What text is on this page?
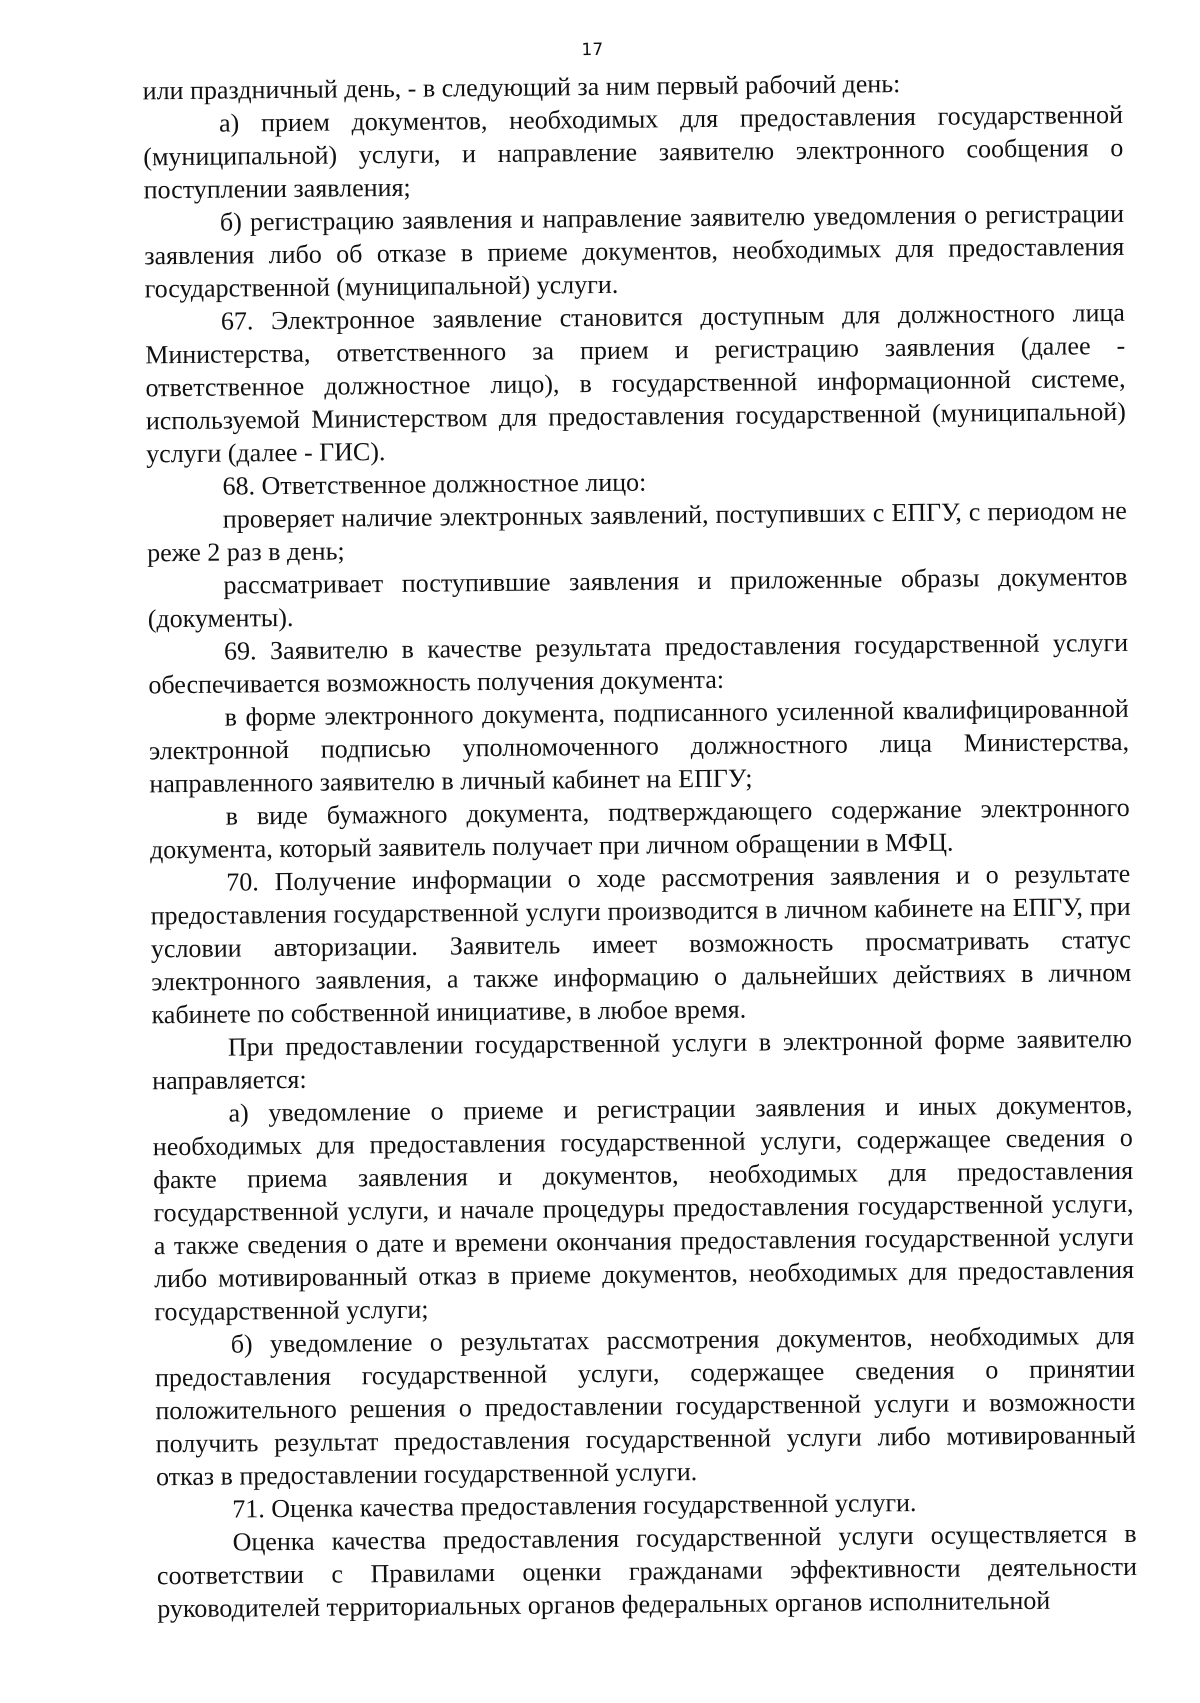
17

или праздничный день, - в следующий за ним первый рабочий день:

а) прием документов, необходимых для предоставления государственной (муниципальной) услуги, и направление заявителю электронного сообщения о поступлении заявления;

б) регистрацию заявления и направление заявителю уведомления о регистрации заявления либо об отказе в приеме документов, необходимых для предоставления государственной (муниципальной) услуги.

67. Электронное заявление становится доступным для должностного лица Министерства, ответственного за прием и регистрацию заявления (далее - ответственное должностное лицо), в государственной информационной системе, используемой Министерством для предоставления государственной (муниципальной) услуги (далее - ГИС).

68. Ответственное должностное лицо:

проверяет наличие электронных заявлений, поступивших с ЕПГУ, с периодом не реже 2 раз в день;

рассматривает поступившие заявления и приложенные образы документов (документы).

69. Заявителю в качестве результата предоставления государственной услуги обеспечивается возможность получения документа:

в форме электронного документа, подписанного усиленной квалифицированной электронной подписью уполномоченного должностного лица Министерства, направленного заявителю в личный кабинет на ЕПГУ;

в виде бумажного документа, подтверждающего содержание электронного документа, который заявитель получает при личном обращении в МФЦ.

70. Получение информации о ходе рассмотрения заявления и о результате предоставления государственной услуги производится в личном кабинете на ЕПГУ, при условии авторизации. Заявитель имеет возможность просматривать статус электронного заявления, а также информацию о дальнейших действиях в личном кабинете по собственной инициативе, в любое время.

При предоставлении государственной услуги в электронной форме заявителю направляется:

а) уведомление о приеме и регистрации заявления и иных документов, необходимых для предоставления государственной услуги, содержащее сведения о факте приема заявления и документов, необходимых для предоставления государственной услуги, и начале процедуры предоставления государственной услуги, а также сведения о дате и времени окончания предоставления государственной услуги либо мотивированный отказ в приеме документов, необходимых для предоставления государственной услуги;

б) уведомление о результатах рассмотрения документов, необходимых для предоставления государственной услуги, содержащее сведения о принятии положительного решения о предоставлении государственной услуги и возможности получить результат предоставления государственной услуги либо мотивированный отказ в предоставлении государственной услуги.

71. Оценка качества предоставления государственной услуги.

Оценка качества предоставления государственной услуги осуществляется в соответствии с Правилами оценки гражданами эффективности деятельности руководителей территориальных органов федеральных органов исполнительной
